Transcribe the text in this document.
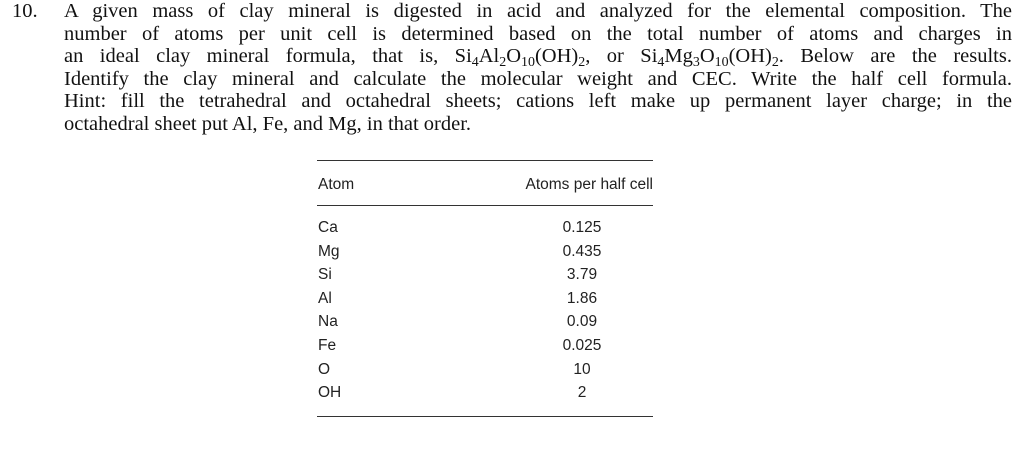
10. A given mass of clay mineral is digested in acid and analyzed for the elemental composition. The
number of atoms per unit cell is determined based on the total number of atoms and charges in
an ideal clay mineral formula, that is, $Si_4Al_2O_{10}(OH)_2$, or $Si_4Mg_3O_{10}(OH)_2$. Below are the results.
Identify the clay mineral and calculate the molecular weight and CEC. Write the half cell formula.
Hint: fill the tetrahedral and octahedral sheets; cations left make up permanent layer charge; in the
octahedral sheet put Al, Fe, and Mg, in that order.
Atom	Atoms per half cell
Ca	0.125
Mg	0.435
Si	3.79
Al	1.86
Na	0.09
Fe	0.025
O	10
OH	2
